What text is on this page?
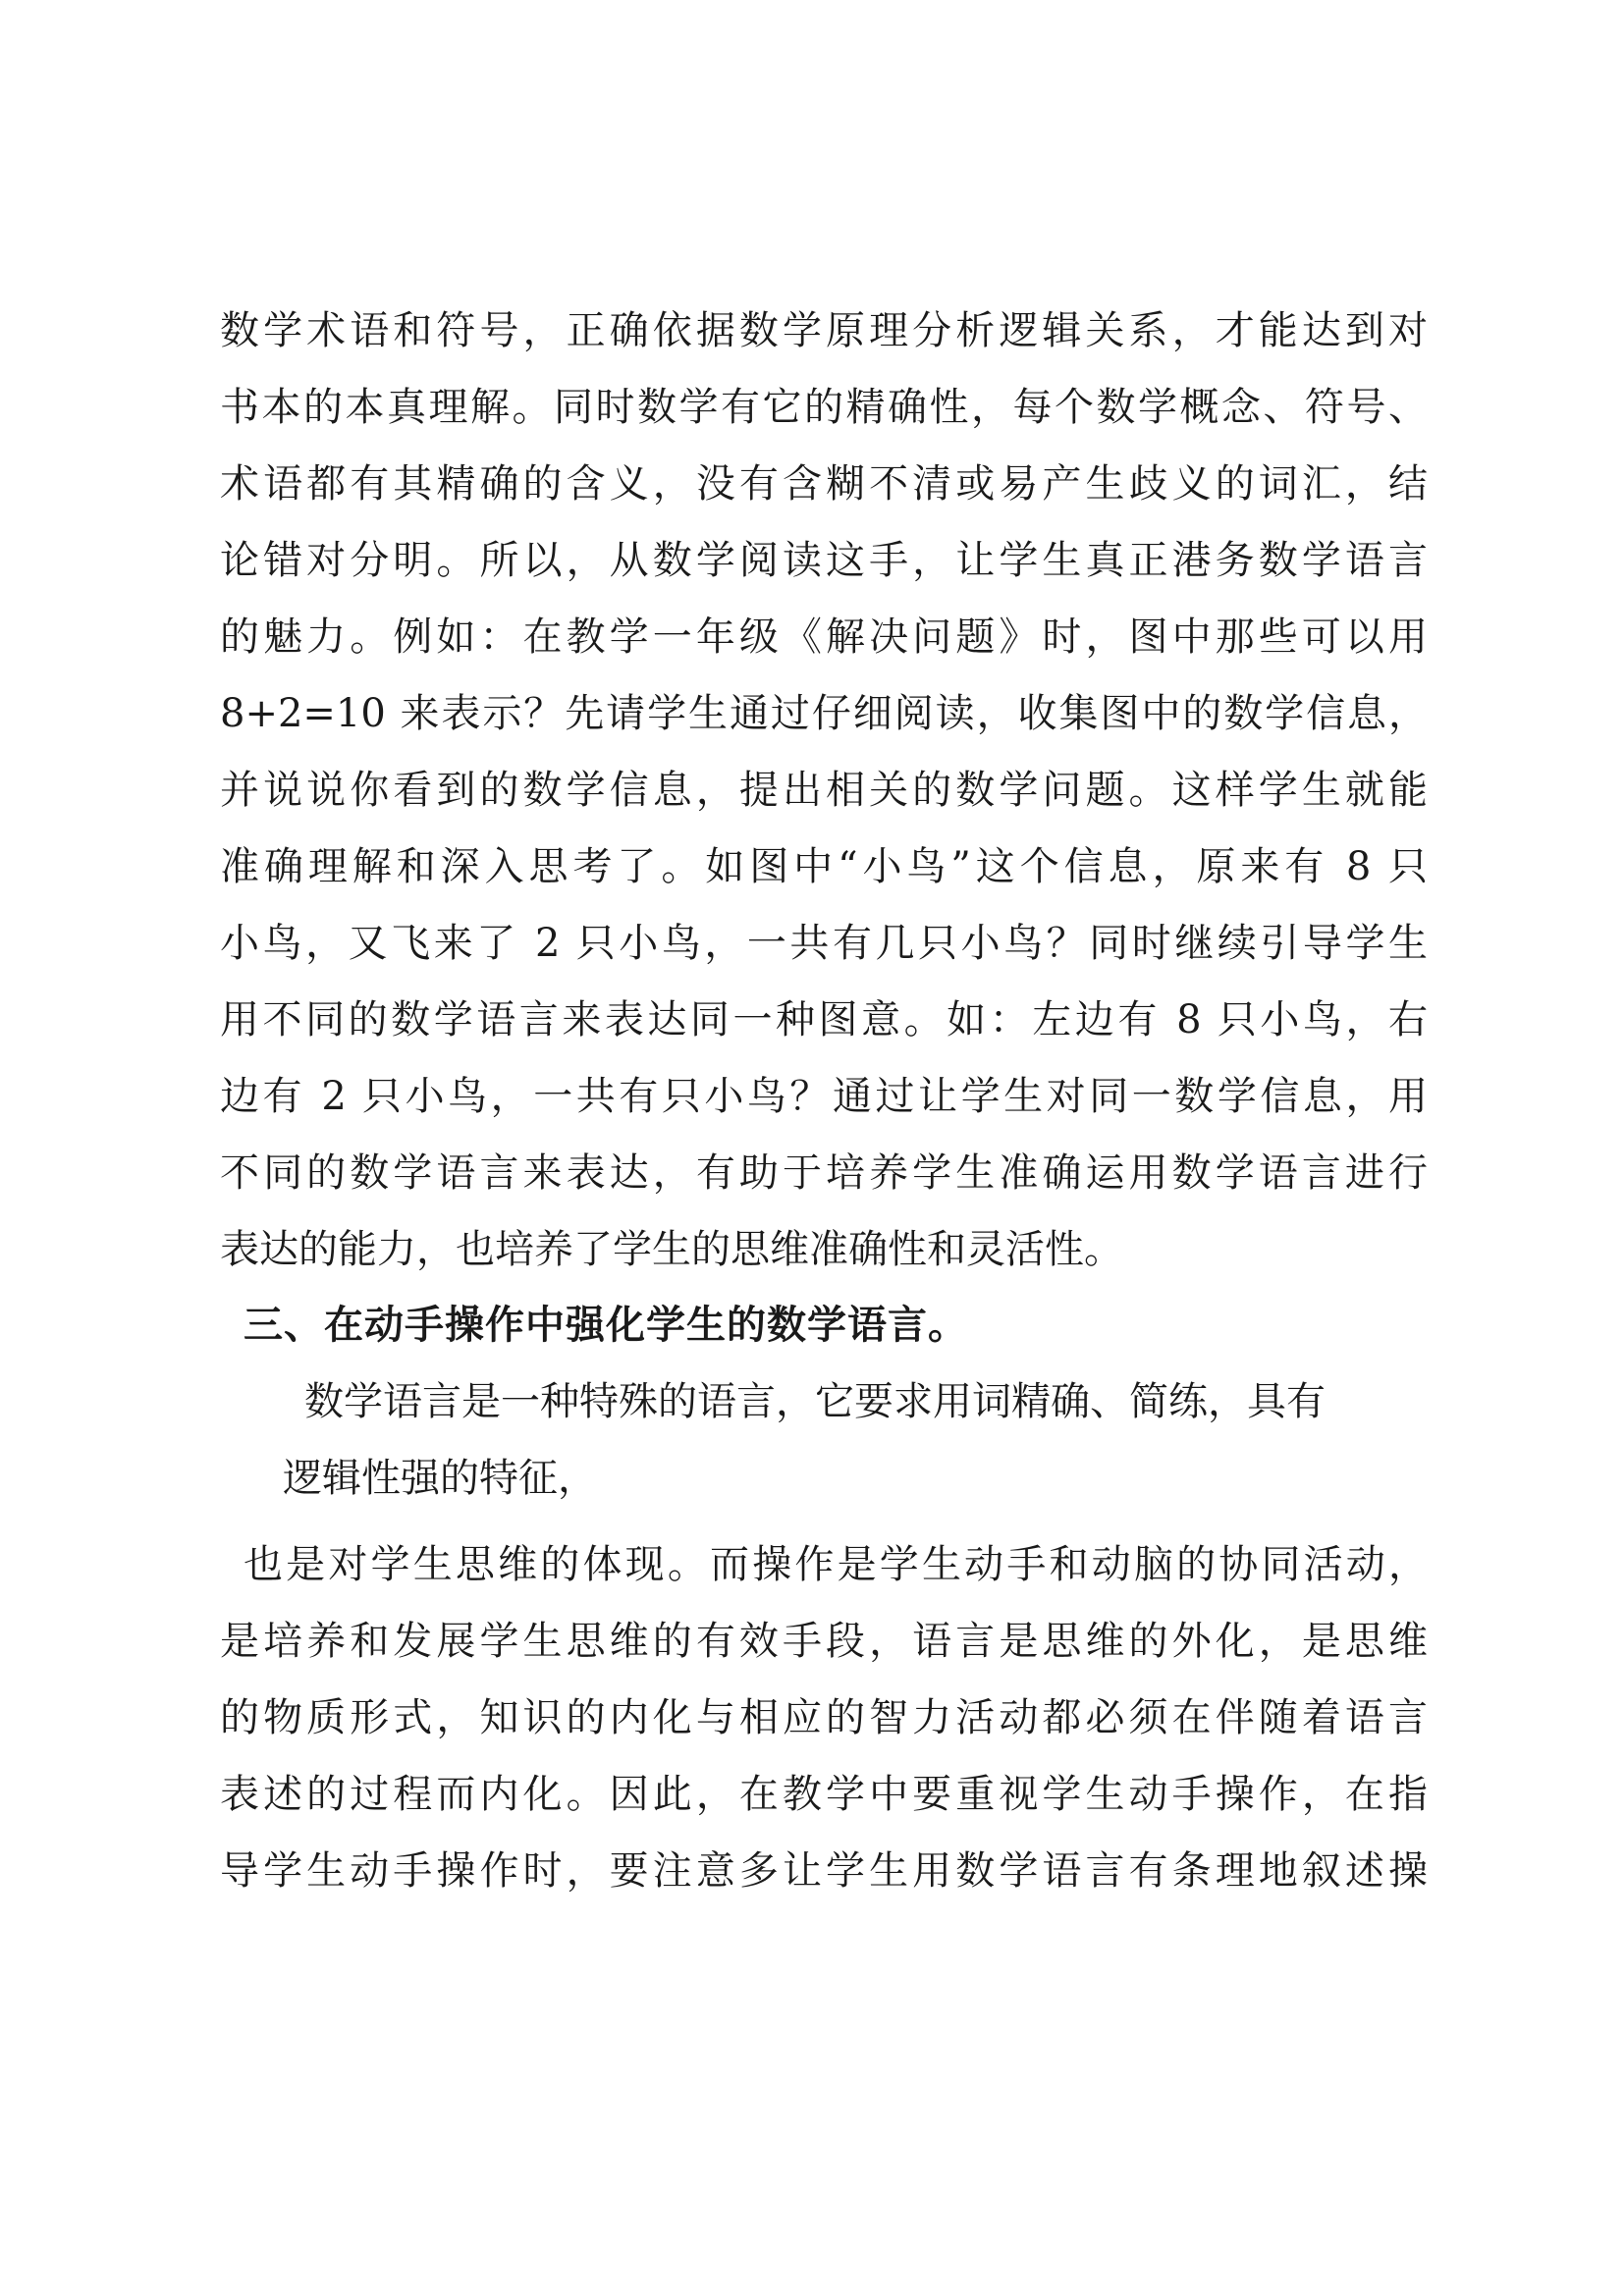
数学术语和符号，正确依据数学原理分析逻辑关系，才能达到对
书本的本真理解。同时数学有它的精确性，每个数学概念、符号、
术语都有其精确的含义，没有含糊不清或易产生歧义的词汇，结
论错对分明。所以，从数学阅读这手，让学生真正港务数学语言
的魅力。例如：在教学一年级《解决问题》时，图中那些可以用
8+2=10 来表示？先请学生通过仔细阅读，收集图中的数学信息，
并说说你看到的数学信息，提出相关的数学问题。这样学生就能
准确理解和深入思考了。如图中“小鸟”这个信息，原来有 8 只
小鸟，又飞来了 2 只小鸟，一共有几只小鸟？同时继续引导学生
用不同的数学语言来表达同一种图意。如：左边有 8 只小鸟，右
边有 2 只小鸟，一共有只小鸟？通过让学生对同一数学信息，用
不同的数学语言来表达，有助于培养学生准确运用数学语言进行
表达的能力，也培养了学生的思维准确性和灵活性。
三、在动手操作中强化学生的数学语言。
数学语言是一种特殊的语言，它要求用词精确、简练，具有
逻辑性强的特征，
也是对学生思维的体现。而操作是学生动手和动脑的协同活动，
是培养和发展学生思维的有效手段，语言是思维的外化，是思维
的物质形式，知识的内化与相应的智力活动都必须在伴随着语言
表述的过程而内化。因此，在教学中要重视学生动手操作，在指
导学生动手操作时，要注意多让学生用数学语言有条理地叙述操
